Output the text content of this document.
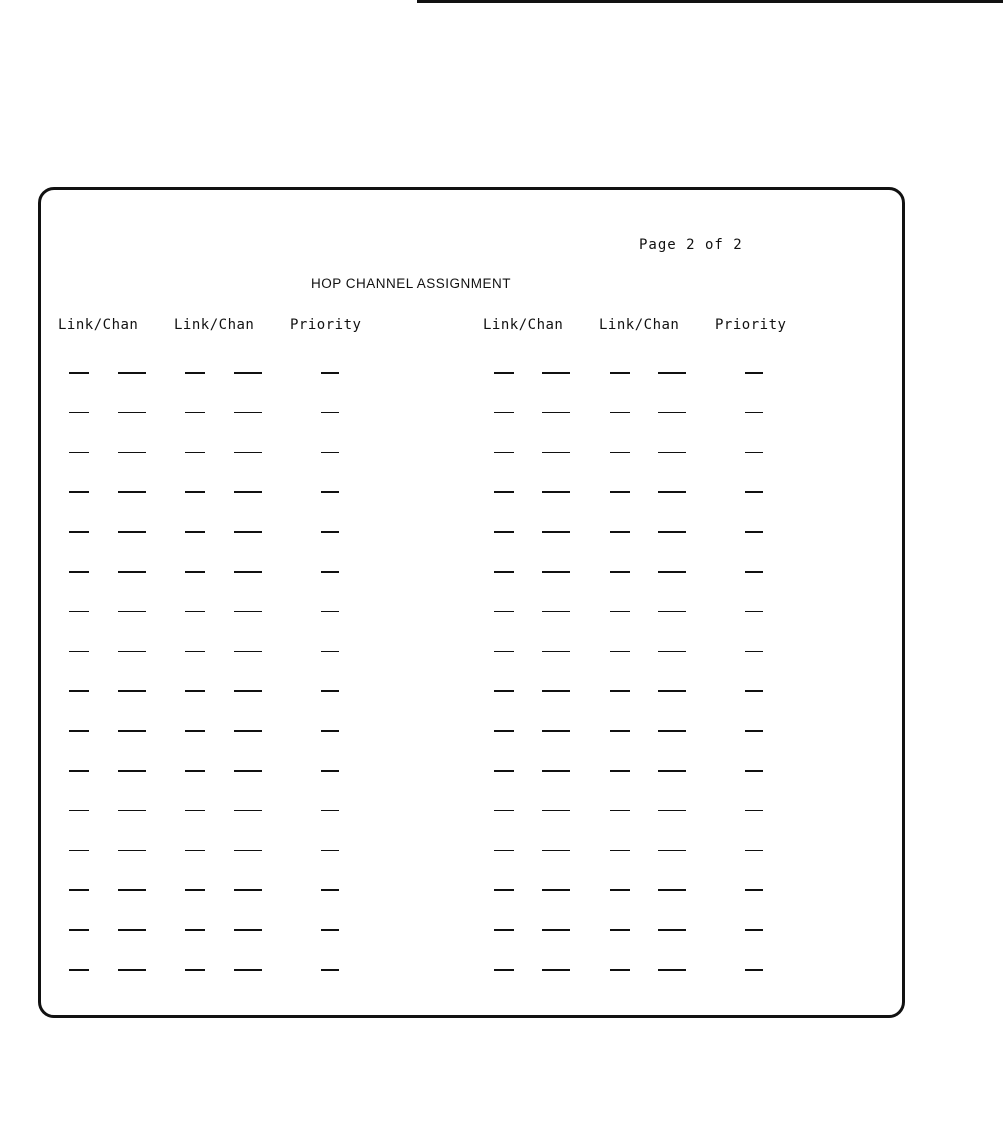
Page 2 of 2
HOP CHANNEL ASSIGNMENT
Link/Chan	Link/Chan	Priority	Link/Chan	Link/Chan	Priority
